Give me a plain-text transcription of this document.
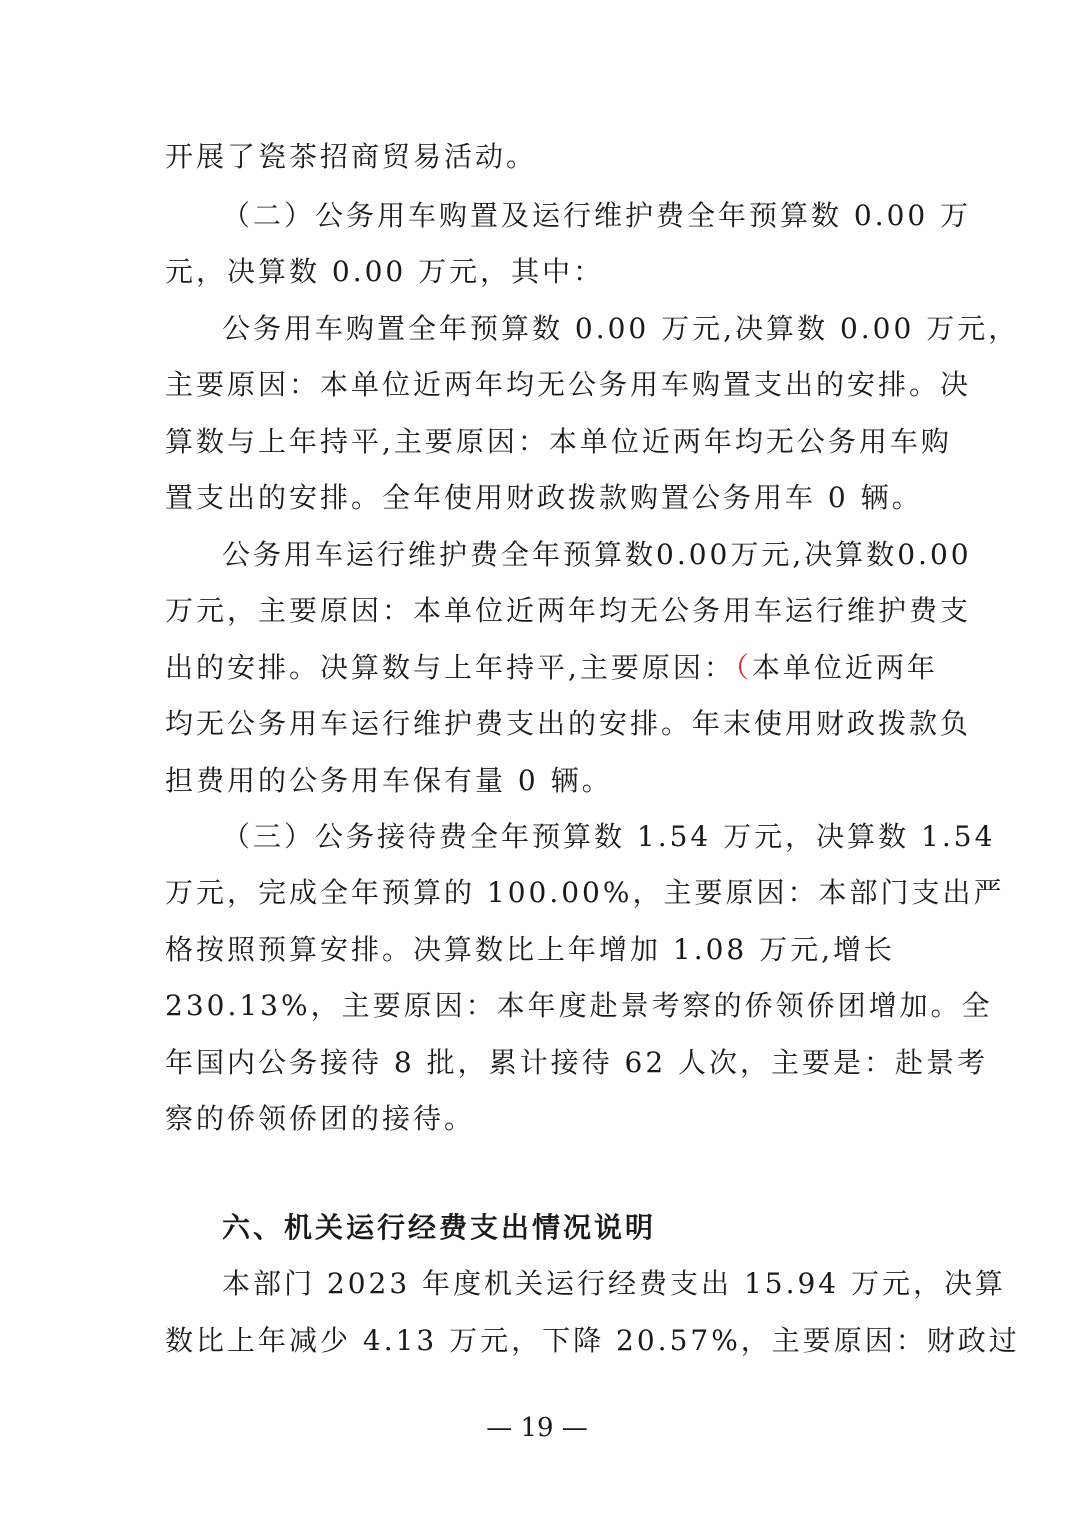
开展了瓷茶招商贸易活动。
（二）公务用车购置及运行维护费全年预算数 0.00 万
元，决算数 0.00 万元，其中：
公务用车购置全年预算数 0.00 万元,决算数 0.00 万元，
主要原因：本单位近两年均无公务用车购置支出的安排。决
算数与上年持平,主要原因：本单位近两年均无公务用车购
置支出的安排。全年使用财政拨款购置公务用车 0 辆。
公务用车运行维护费全年预算数0.00万元,决算数0.00
万元，主要原因：本单位近两年均无公务用车运行维护费支
出的安排。决算数与上年持平,主要原因：（本单位近两年
均无公务用车运行维护费支出的安排。年末使用财政拨款负
担费用的公务用车保有量 0 辆。
（三）公务接待费全年预算数 1.54 万元，决算数 1.54
万元，完成全年预算的 100.00%，主要原因：本部门支出严
格按照预算安排。决算数比上年增加 1.08 万元,增长
230.13%，主要原因：本年度赴景考察的侨领侨团增加。全
年国内公务接待 8 批，累计接待 62 人次，主要是：赴景考
察的侨领侨团的接待。
六、机关运行经费支出情况说明
本部门 2023 年度机关运行经费支出 15.94 万元，决算
数比上年减少 4.13 万元，下降 20.57%，主要原因：财政过
— 19 —
